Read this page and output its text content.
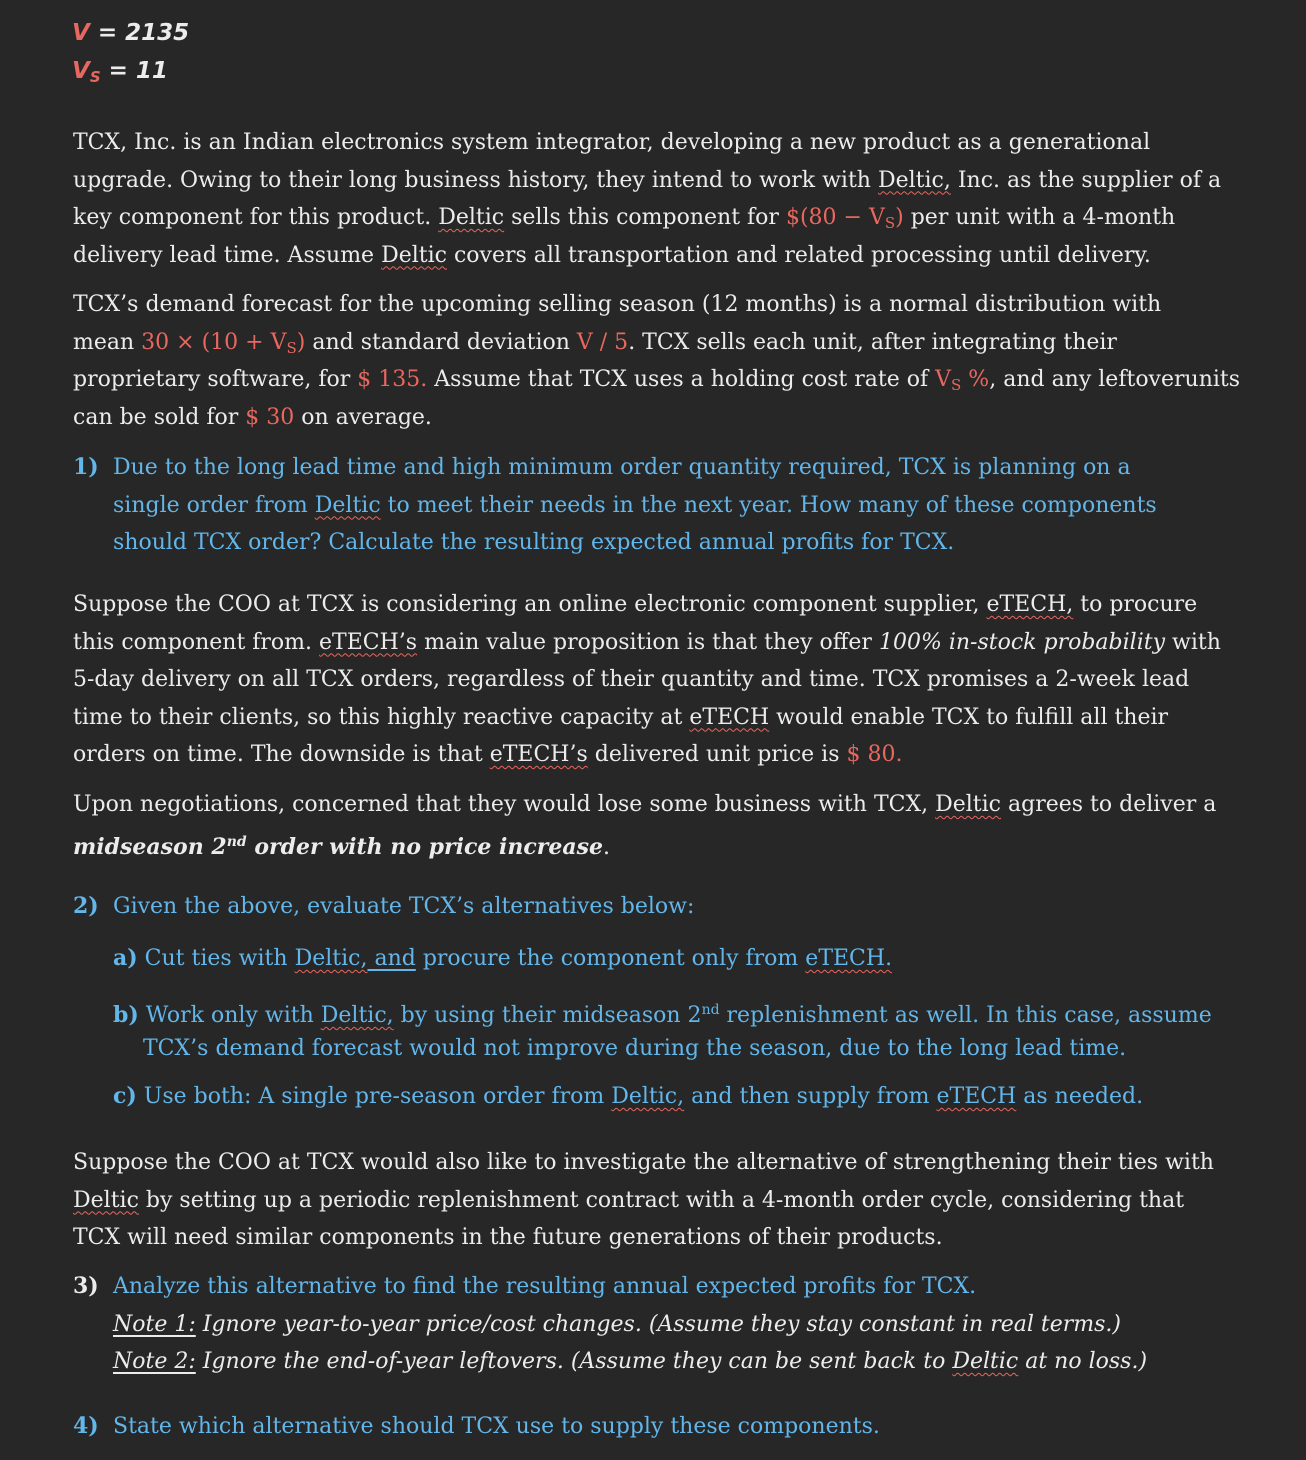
V = 2135
VS = 11
TCX, Inc. is an Indian electronics system integrator, developing a new product as a generational
upgrade. Owing to their long business history, they intend to work with Deltic, Inc. as the supplier of a
key component for this product. Deltic sells this component for $(80 − $V_S$) per unit with a 4-month
delivery lead time. Assume Deltic covers all transportation and related processing until delivery.
TCX’s demand forecast for the upcoming selling season (12 months) is a normal distribution with
mean $30 \times (10 + V_S)$ and standard deviation V / 5. TCX sells each unit, after integrating their
proprietary software, for $ 135. Assume that TCX uses a holding cost rate of $V_S$ %, and any leftoverunits
can be sold for $ 30 on average.
1) Due to the long lead time and high minimum order quantity required, TCX is planning on a
single order from Deltic to meet their needs in the next year. How many of these components
should TCX order? Calculate the resulting expected annual profits for TCX.
Suppose the COO at TCX is considering an online electronic component supplier, eTECH, to procure
this component from. eTECH’s main value proposition is that they offer 100% in-stock probability with
5-day delivery on all TCX orders, regardless of their quantity and time. TCX promises a 2-week lead
time to their clients, so this highly reactive capacity at eTECH would enable TCX to fulfill all their
orders on time. The downside is that eTECH’s delivered unit price is $ 80.
Upon negotiations, concerned that they would lose some business with TCX, Deltic agrees to deliver a
midseason 2nd order with no price increase.
2) Given the above, evaluate TCX’s alternatives below:
a) Cut ties with Deltic, and procure the component only from eTECH.
b) Work only with Deltic, by using their midseason 2nd replenishment as well. In this case, assume
TCX’s demand forecast would not improve during the season, due to the long lead time.
c) Use both: A single pre-season order from Deltic, and then supply from eTECH as needed.
Suppose the COO at TCX would also like to investigate the alternative of strengthening their ties with
Deltic by setting up a periodic replenishment contract with a 4-month order cycle, considering that
TCX will need similar components in the future generations of their products.
3) Analyze this alternative to find the resulting annual expected profits for TCX.
Note 1: Ignore year-to-year price/cost changes. (Assume they stay constant in real terms.)
Note 2: Ignore the end-of-year leftovers. (Assume they can be sent back to Deltic at no loss.)
4) State which alternative should TCX use to supply these components.
